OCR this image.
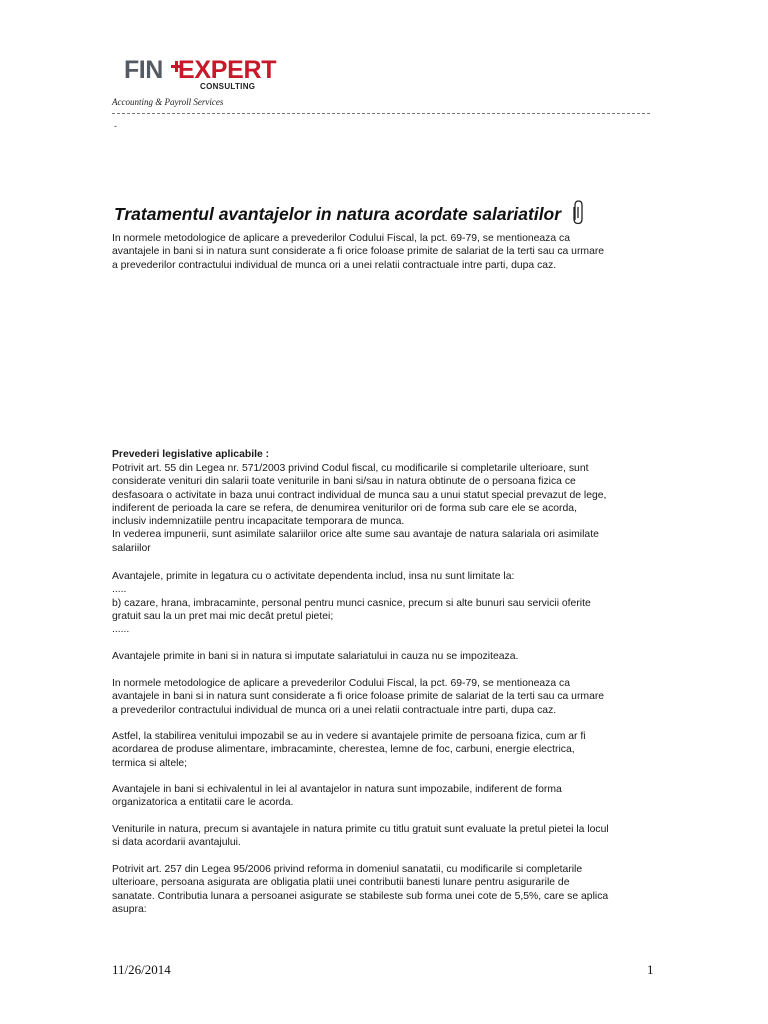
FIN EXPERT
CONSULTING
Accounting & Payroll Services
-
Tratamentul avantajelor in natura acordate salariatilor
In normele metodologice de aplicare a prevederilor Codului Fiscal, la pct. 69-79, se mentioneaza ca
avantajele in bani si in natura sunt considerate a fi orice foloase primite de salariat de la terti sau ca urmare
a prevederilor contractului individual de munca ori a unei relatii contractuale intre parti, dupa caz.
Prevederi legislative aplicabile :
Potrivit art. 55 din Legea nr. 571/2003 privind Codul fiscal, cu modificarile si completarile ulterioare, sunt
considerate venituri din salarii toate veniturile in bani si/sau in natura obtinute de o persoana fizica ce
desfasoara o activitate in baza unui contract individual de munca sau a unui statut special prevazut de lege,
indiferent de perioada la care se refera, de denumirea veniturilor ori de forma sub care ele se acorda,
inclusiv indemnizatiile pentru incapacitate temporara de munca.
In vederea impunerii, sunt asimilate salariilor orice alte sume sau avantaje de natura salariala ori asimilate
salariilor
Avantajele, primite in legatura cu o activitate dependenta includ, insa nu sunt limitate la:
.....
b) cazare, hrana, imbracaminte, personal pentru munci casnice, precum si alte bunuri sau servicii oferite
gratuit sau la un pret mai mic decât pretul pietei;
......
Avantajele primite in bani si in natura si imputate salariatului in cauza nu se impoziteaza.
In normele metodologice de aplicare a prevederilor Codului Fiscal, la pct. 69-79, se mentioneaza ca
avantajele in bani si in natura sunt considerate a fi orice foloase primite de salariat de la terti sau ca urmare
a prevederilor contractului individual de munca ori a unei relatii contractuale intre parti, dupa caz.
Astfel, la stabilirea venitului impozabil se au in vedere si avantajele primite de persoana fizica, cum ar fi
acordarea de produse alimentare, imbracaminte, cherestea, lemne de foc, carbuni, energie electrica,
termica si altele;
Avantajele in bani si echivalentul in lei al avantajelor in natura sunt impozabile, indiferent de forma
organizatorica a entitatii care le acorda.
Veniturile in natura, precum si avantajele in natura primite cu titlu gratuit sunt evaluate la pretul pietei la locul
si data acordarii avantajului.
Potrivit art. 257 din Legea 95/2006 privind reforma in domeniul sanatatii, cu modificarile si completarile
ulterioare, persoana asigurata are obligatia platii unei contributii banesti lunare pentru asigurarile de
sanatate. Contributia lunara a persoanei asigurate se stabileste sub forma unei cote de 5,5%, care se aplica
asupra:
11/26/2014	1
